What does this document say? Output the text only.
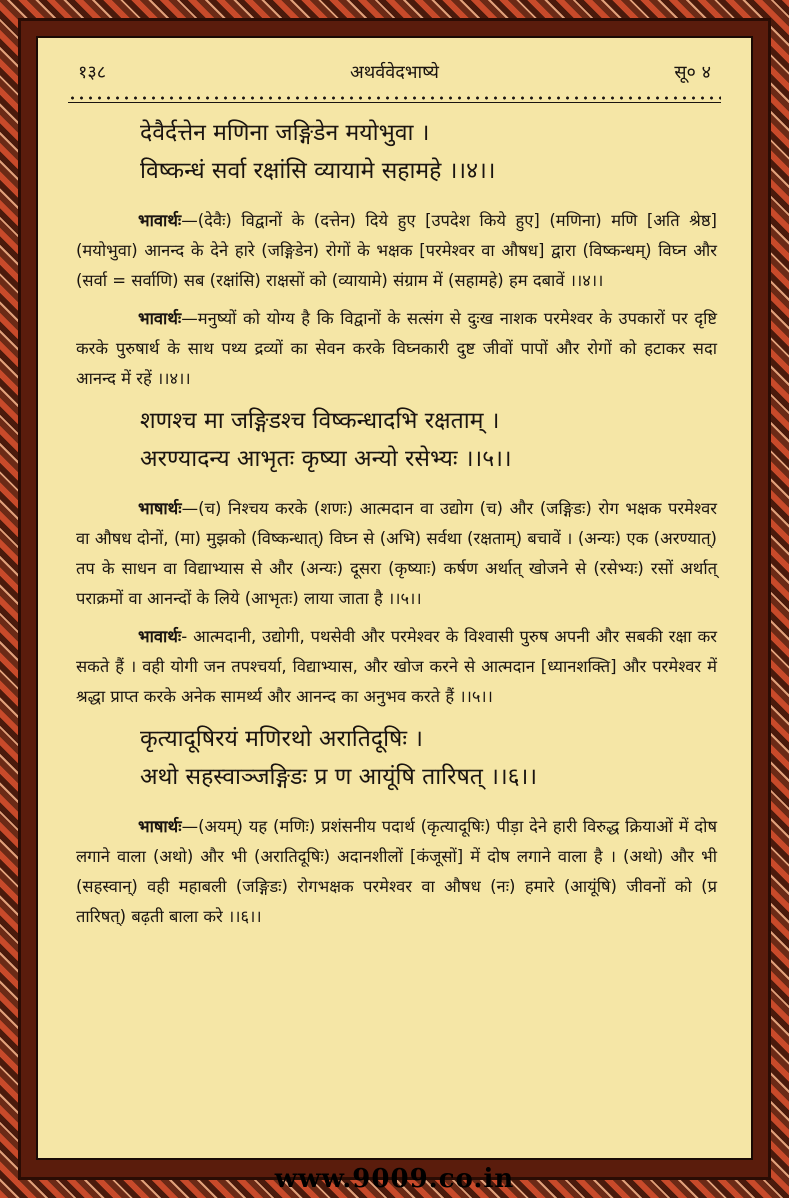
१३८	अथर्ववेदभाष्ये	सू० ४
देवैर्दत्तेन मणिना जङ्गिडेन मयोभुवा ।
विष्कन्धं सर्वा रक्षांसि व्यायामे सहामहे ।।४।।

भावार्थः—(देवैः) विद्वानों के (दत्तेन) दिये हुए [उपदेश किये हुए] (मणिना) मणि [अति श्रेष्ठ] (मयोभुवा) आनन्द के देने हारे (जङ्गिडेन) रोगों के भक्षक [परमेश्वर वा औषध] द्वारा (विष्कन्धम्) विघ्न और (सर्वा = सर्वाणि) सब (रक्षांसि) राक्षसों को (व्यायामे) संग्राम में (सहामहे) हम दबावें ।।४।।

भावार्थः—मनुष्यों को योग्य है कि विद्वानों के सत्संग से दुःख नाशक परमेश्वर के उपकारों पर दृष्टि करके पुरुषार्थ के साथ पथ्य द्रव्यों का सेवन करके विघ्नकारी दुष्ट जीवों पापों और रोगों को हटाकर सदा आनन्द में रहें ।।४।।

शणश्च मा जङ्गिडश्च विष्कन्धादभि रक्षताम् ।
अरण्यादन्य आभृतः कृष्या अन्यो रसेभ्यः ।।५।।

भाषार्थः—(च) निश्चय करके (शणः) आत्मदान वा उद्योग (च) और (जङ्गिडः) रोग भक्षक परमेश्वर वा औषध दोनों, (मा) मुझको (विष्कन्धात्) विघ्न से (अभि) सर्वथा (रक्षताम्) बचावें । (अन्यः) एक (अरण्यात्) तप के साधन वा विद्याभ्यास से और (अन्यः) दूसरा (कृष्याः) कर्षण अर्थात् खोजने से (रसेभ्यः) रसों अर्थात् पराक्रमों वा आनन्दों के लिये (आभृतः) लाया जाता है ।।५।।

भावार्थः- आत्मदानी, उद्योगी, पथसेवी और परमेश्वर के विश्वासी पुरुष अपनी और सबकी रक्षा कर सकते हैं । वही योगी जन तपश्चर्या, विद्याभ्यास, और खोज करने से आत्मदान [ध्यानशक्ति] और परमेश्वर में श्रद्धा प्राप्त करके अनेक सामर्थ्य और आनन्द का अनुभव करते हैं ।।५।।

कृत्यादूषिरयं मणिरथो अरातिदूषिः ।
अथो सहस्वाञ्जङ्गिडः प्र ण आयूंषि तारिषत् ।।६।।

भाषार्थः—(अयम्) यह (मणिः) प्रशंसनीय पदार्थ (कृत्यादूषिः) पीड़ा देने हारी विरुद्ध क्रियाओं में दोष लगाने वाला (अथो) और भी (अरातिदूषिः) अदानशीलों [कंजूसों] में दोष लगाने वाला है । (अथो) और भी (सहस्वान्) वही महाबली (जङ्गिडः) रोगभक्षक परमेश्वर वा औषध (नः) हमारे (आयूंषि) जीवनों को (प्र तारिषत्) बढ़ती बाला करे ।।६।।

www.9009.co.in
